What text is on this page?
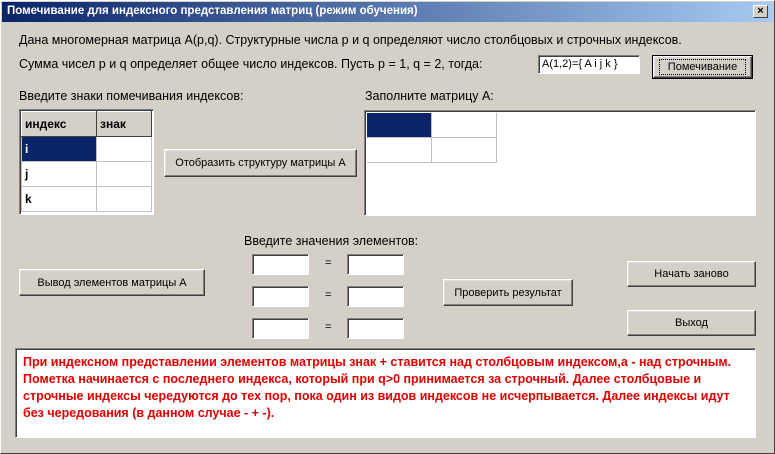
Помечивание для индексного представления матриц (режим обучения)	×
Дана многомерная матрица A(p,q). Структурные числа p и q определяют число столбцовых и строчных индексов.
Сумма чисел p и q определяет общее число индексов. Пусть p = 1, q = 2, тогда:	A(1,2)={ A i j k }	Помечивание
Введите знаки помечивания индексов:
индекс	знак
i	
j	
k	
Отобразить структуру матрицы A
Заполните матрицу A:
Введите значения элементов:
Вывод элементов матрицы A
=
=
=
Проверить результат
Начать заново
Выход
При индексном представлении элементов матрицы знак + ставится над столбцовым индексом,а - над строчным. Пометка начинается с последнего индекса, который при q>0 принимается за строчный. Далее столбцовые и строчные индексы чередуются до тех пор, пока один из видов индексов не исчерпывается. Далее индексы идут без чередования (в данном случае - + -).
